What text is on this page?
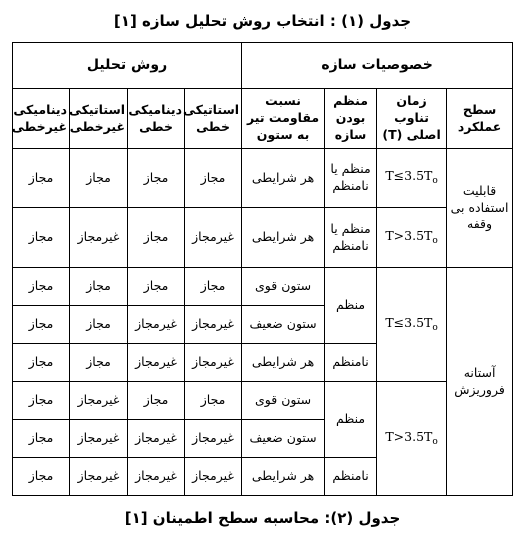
جدول (۱) : انتخاب روش تحلیل سازه [۱]
خصوصیات سازه				روش تحلیل			
سطح عملکرد	زمان تناوب اصلی (T)	منظم بودن سازه	نسبت مقاومت تیر به ستون	استاتیکی خطی	دینامیکی خطی	استاتیکی غیرخطی	دینامیکی غیرخطی
قابلیت استفاده بی وقفه	$T\le 3.5T_o$	منظم یا نامنظم	هر شرایطی	مجاز	مجاز	مجاز	مجاز
	$T>3.5T_o$	منظم یا نامنظم	هر شرایطی	غیرمجاز	مجاز	غیرمجاز	مجاز
آستانه فروریزش	$T\le 3.5T_o$	منظم	ستون قوی	مجاز	مجاز	مجاز	مجاز
			ستون ضعیف	غیرمجاز	غیرمجاز	مجاز	مجاز
		نامنظم	هر شرایطی	غیرمجاز	غیرمجاز	مجاز	مجاز
	$T>3.5T_o$	منظم	ستون قوی	مجاز	مجاز	غیرمجاز	مجاز
			ستون ضعیف	غیرمجاز	غیرمجاز	غیرمجاز	مجاز
		نامنظم	هر شرایطی	غیرمجاز	غیرمجاز	غیرمجاز	مجاز
جدول (۲): محاسبه سطح اطمینان [۱]
